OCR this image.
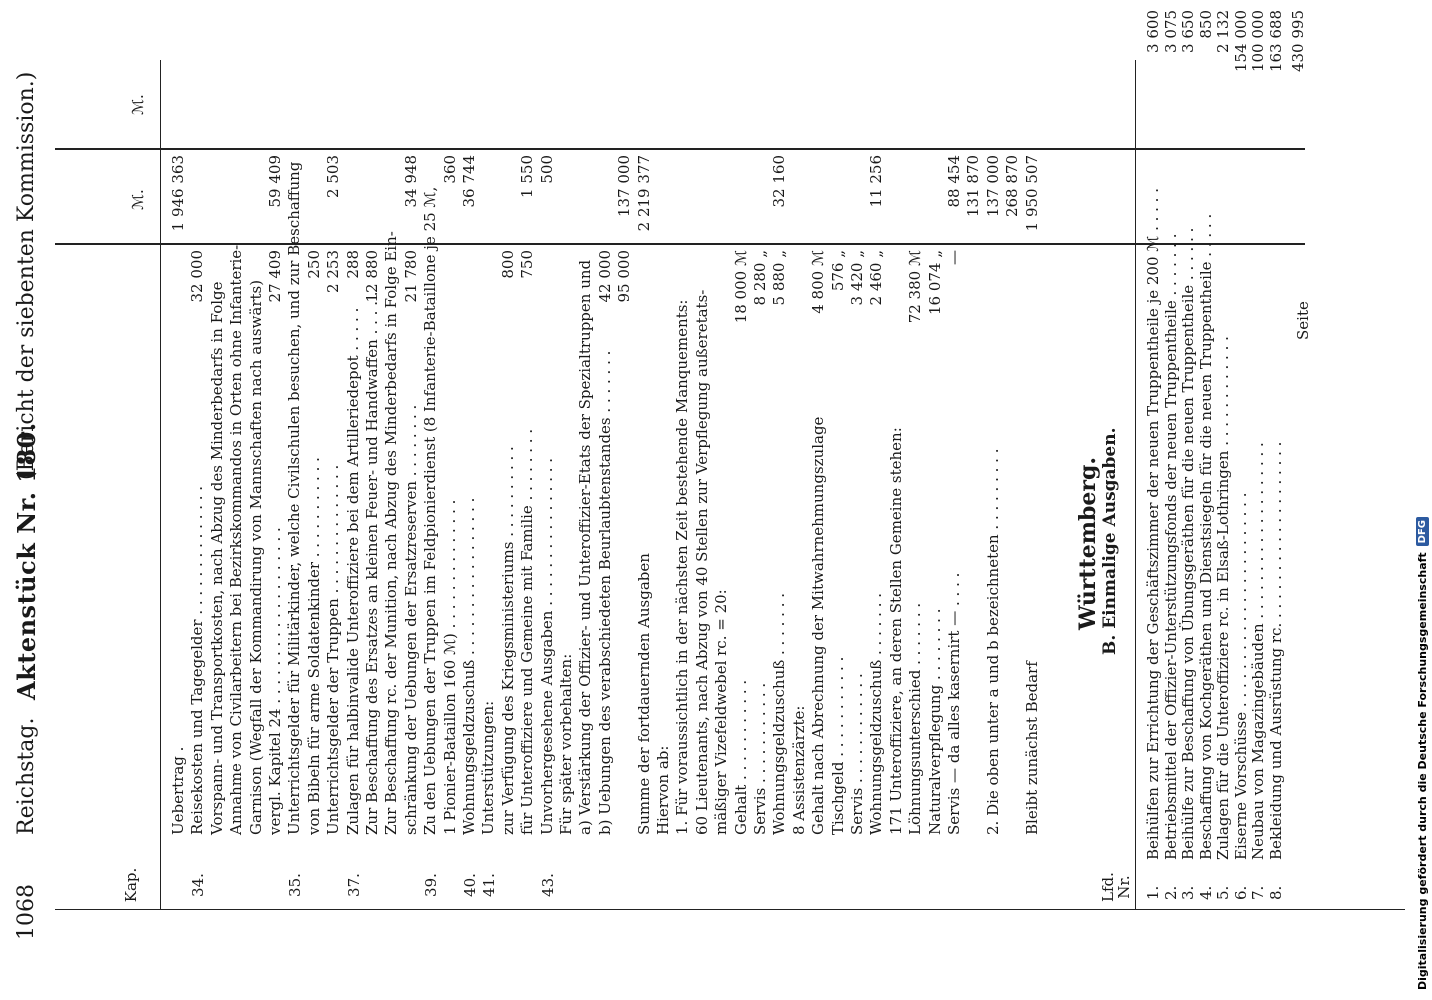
1068
Reichstag.
Aktenstück Nr. 180.
(Bericht der siebenten Kommission.)
Kap.
ℳ.
ℳ.
Uebertrag .
1 946 363
34.
Reisekosten und Tagegelder . . . . . . . . . . . . . .
32 000
Vorspann- und Transportkosten, nach Abzug des Minderbedarfs in Folge Annahme von Civilarbeitern bei Bezirkskommandos in Orten ohne Infanterie- Garnison (Wegfall der Kommandirung von Mannschaften nach auswärts) vergl. Kapitel 24 . . . . . . . . . . . . . . . . . . .
27 409
59 409
35.
Unterrichtsgelder für Militärkinder, welche Civilschulen besuchen, und zur Beschaffung von Bibeln für arme Soldatenkinder . . . . . . . . . . .
250
Unterrichtsgelder der Truppen . . . . . . . . . . . . . .
2 253
2 503
37.
Zulagen für halbinvalide Unteroffiziere bei dem Artilleriedepot . . . . .
288
Zur Beschaffung des Ersatzes an kleinen Feuer- und Handwaffen . . . . .
12 880 Zur Beschaffung rc. der Munition, nach Abzug des Minderbedarfs in Folge Ein- schränkung der Uebungen der Ersatzreserven . . . . . . . .
21 780
34 948
39.
Zu den Uebungen der Truppen im Feldpionierdienst (8 Infanterie-Bataillone je 25 ℳ, 1 Pionier-Bataillon 160 ℳ) . . . . . . . . . . . . . .
360
40.
Wohnungsgeldzuschuß . . . . . . . . . . . . . . . . .
36 744
41.
Unterstützungen: zur Verfügung des Kriegsministeriums . . . . . . . . . .
800
für Unteroffiziere und Gemeine mit Familie . . . . . . . .
750
1 550
43.
Unvorhergesehene Ausgaben . . . . . . . . . . . . . . . .
500
Für später vorbehalten: a) Verstärkung der Offizier- und Unteroffizier-Etats der Spezialtruppen und b) Uebungen des verabschiedeten Beurlaubtenstandes . . . . . . .
42 000 95 000
137 000
Summe der fortdauernden Ausgaben
2 219 377
Hiervon ab: 1. Für voraussichtlich in der nächsten Zeit bestehende Manquements: 60 Lieutenants, nach Abzug von 40 Stellen zur Verpflegung außeretats- mäßiger Vizefeldwebel rc. = 20: Gehalt . . . . . . . . . . .
18 000 ℳ
Servis . . . . . . . . . . .
8 280 „
Wohnungsgeldzuschuß . . . . . . .
5 880 „
32 160
8 Assistenzärzte: Gehalt nach Abrechnung der Mitwahrnehmungszulage
4 800 ℳ
Tischgeld . . . . . . . . . . .
576 „
Servis . . . . . . . . . . . .
3 420 „
Wohnungsgeldzuschuß . . . . . . .
2 460 „
11 256
171 Unteroffiziere, an deren Stellen Gemeine stehen: Löhnungsunterschied . . . . . . .
72 380 ℳ
Naturalverpflegung . . . . . . . .
16 074 „
Servis — da alles kasernirt — . . . .
—
88 454 131 870
2. Die oben unter a und b bezeichneten . . . . . . . . .
137 000 268 870
Bleibt zunächst Bedarf
1 950 507
Württemberg. B. Einmalige Ausgaben.
Lfd. Nr. 1.
Beihülfen zur Errichtung der Geschäftszimmer der neuen Truppentheile je 200 ℳ . . . . .
3 600
2.
Betriebsmittel der Offizier-Unterstützungsfonds der neuen Truppentheile . . . . . . .
3 075
3.
Beihülfe zur Beschaffung von Übungsgeräthen für die neuen Truppentheile . . . . . .
3 650
4.
Beschaffung von Kochgeräthen und Dienstsiegeln für die neuen Truppentheile . . . . .
850
5.
Zulagen für die Unteroffiziere rc. in Elsaß-Lothringen . . . . . . . . . . . .
2 132
6.
Eiserne Vorschüsse . . . . . . . . . . . . . . . . . . . . . . .
154 000
7.
Neubau von Magazingebäuden . . . . . . . . . . . . . . . . . . .
100 000
8.
Bekleidung und Ausrüstung rc. . . . . . . . . . . . . . . . . . . .
163 688
Seite
430 995
Digitalisierung gefördert durch die Deutsche Forschungsgemeinschaft
DFG
